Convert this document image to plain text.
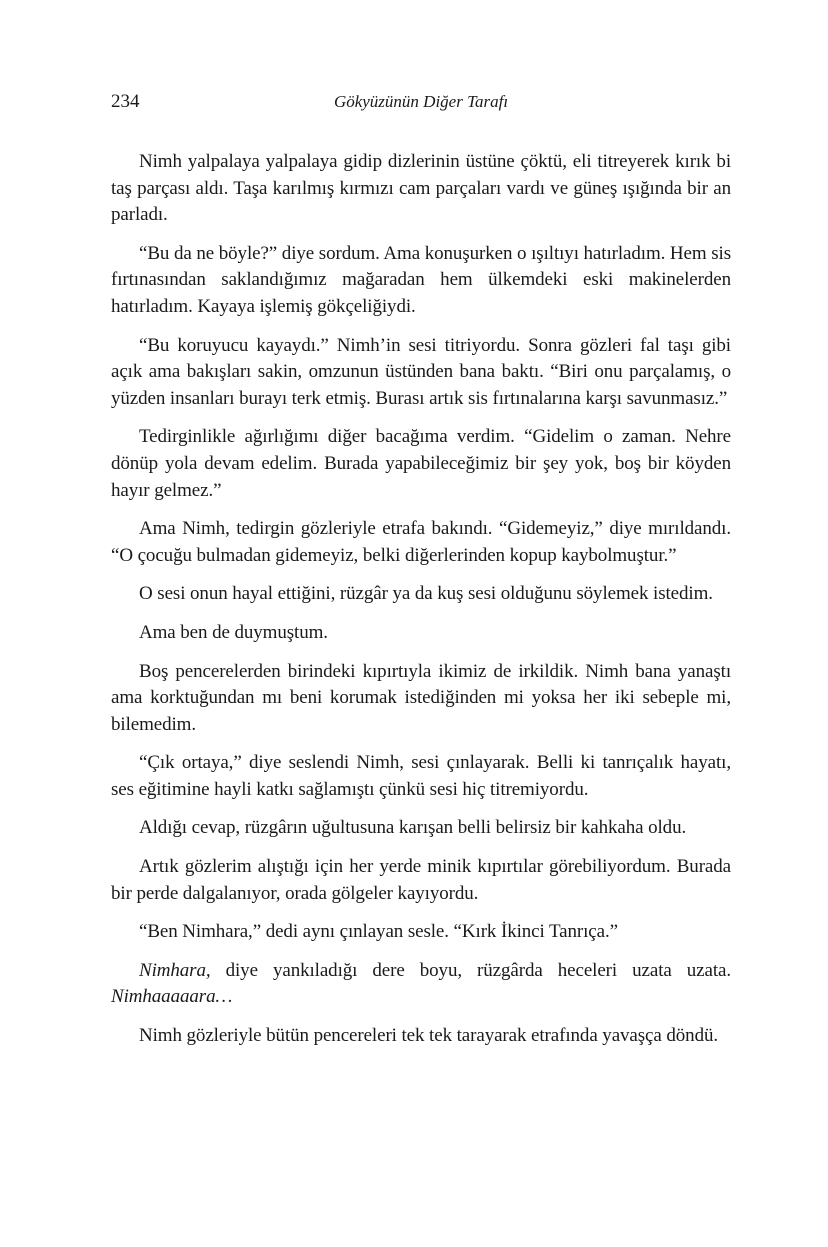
234	Gökyüzünün Diğer Tarafı

Nimh yalpalaya yalpalaya gidip dizlerinin üstüne çöktü, eli titreyerek kırık bi taş parçası aldı. Taşa karılmış kırmızı cam parçaları vardı ve güneş ışığında bir an parladı.

“Bu da ne böyle?” diye sordum. Ama konuşurken o ışıltıyı hatırladım. Hem sis fırtınasından saklandığımız mağaradan hem ülkemdeki eski makinelerden hatırladım. Kayaya işlemiş gökçeliğiydi.

“Bu koruyucu kayaydı.” Nimh’in sesi titriyordu. Sonra gözleri fal taşı gibi açık ama bakışları sakin, omzunun üstünden bana baktı. “Biri onu parçalamış, o yüzden insanları burayı terk etmiş. Burası artık sis fırtınalarına karşı savunmasız.”

Tedirginlikle ağırlığımı diğer bacağıma verdim. “Gidelim o zaman. Nehre dönüp yola devam edelim. Burada yapabileceğimiz bir şey yok, boş bir köyden hayır gelmez.”

Ama Nimh, tedirgin gözleriyle etrafa bakındı. “Gidemeyiz,” diye mırıldandı. “O çocuğu bulmadan gidemeyiz, belki diğerlerinden kopup kaybolmuştur.”

O sesi onun hayal ettiğini, rüzgâr ya da kuş sesi olduğunu söylemek istedim.

Ama ben de duymuştum.

Boş pencerelerden birindeki kıpırtıyla ikimiz de irkildik. Nimh bana yanaştı ama korktuğundan mı beni korumak istediğinden mi yoksa her iki sebeple mi, bilemedim.

“Çık ortaya,” diye seslendi Nimh, sesi çınlayarak. Belli ki tanrıçalık hayatı, ses eğitimine hayli katkı sağlamıştı çünkü sesi hiç titremiyordu.

Aldığı cevap, rüzgârın uğultusuna karışan belli belirsiz bir kahkaha oldu.

Artık gözlerim alıştığı için her yerde minik kıpırtılar görebiliyordum. Burada bir perde dalgalanıyor, orada gölgeler kayıyordu.

“Ben Nimhara,” dedi aynı çınlayan sesle. “Kırk İkinci Tanrıça.”

Nimhara, diye yankıladığı dere boyu, rüzgârda heceleri uzata uzata. Nimhaaaaara…

Nimh gözleriyle bütün pencereleri tek tek tarayarak etrafında yavaşça döndü.
